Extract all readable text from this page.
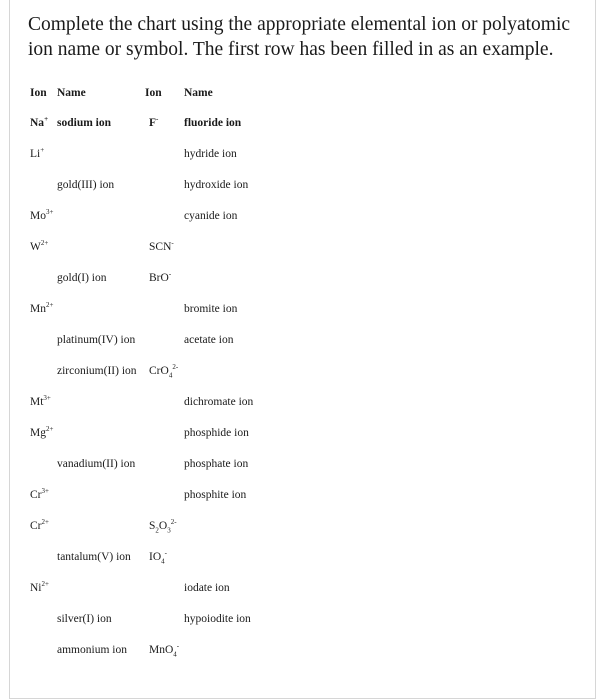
Complete the chart using the appropriate elemental ion or polyatomic ion name or symbol. The first row has been filled in as an example.

Ion Name	Ion Name
Na+ sodium ion	F- fluoride ion
Li+	hydride ion
gold(III) ion	hydroxide ion
$Mo^{3+}$	cyanide ion
$W^{2+}$	SCN-
gold(I) ion	BrO-
$Mn^{2+}$	bromite ion
platinum(IV) ion	acetate ion
zirconium(II) ion CrO$_4^{2-}$
$Mt^{3+}$	dichromate ion
$Mg^{2+}$	phosphide ion
vanadium(II) ion	phosphate ion
$Cr^{3+}$	phosphite ion
$Cr^{2+}$	$S_2O_3^{2-}$
tantalum(V) ion $IO_4^-$
$Ni^{2+}$	iodate ion
silver(I) ion	hypoiodite ion
ammonium ion MnO$_4$-
